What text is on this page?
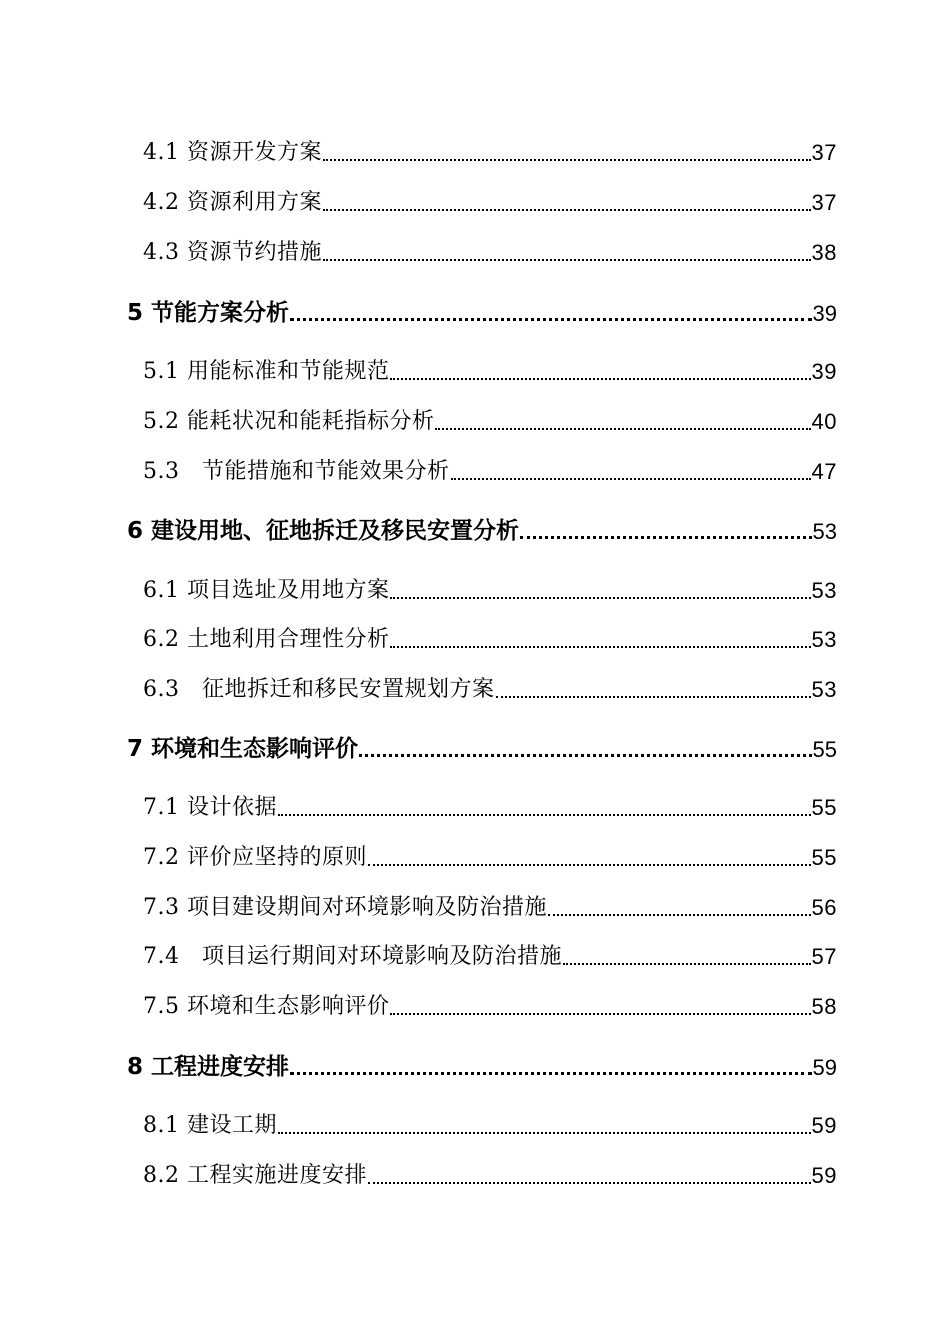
4.1 资源开发方案	37
4.2 资源利用方案	37
4.3 资源节约措施	38
5 节能方案分析	39
5.1 用能标准和节能规范	39
5.2 能耗状况和能耗指标分析	40
5.3　节能措施和节能效果分析	47
6 建设用地、征地拆迁及移民安置分析	53
6.1 项目选址及用地方案	53
6.2 土地利用合理性分析	53
6.3　征地拆迁和移民安置规划方案	53
7 环境和生态影响评价	55
7.1 设计依据	55
7.2 评价应坚持的原则	55
7.3 项目建设期间对环境影响及防治措施	56
7.4　项目运行期间对环境影响及防治措施	57
7.5 环境和生态影响评价	58
8 工程进度安排	59
8.1 建设工期	59
8.2 工程实施进度安排	59
